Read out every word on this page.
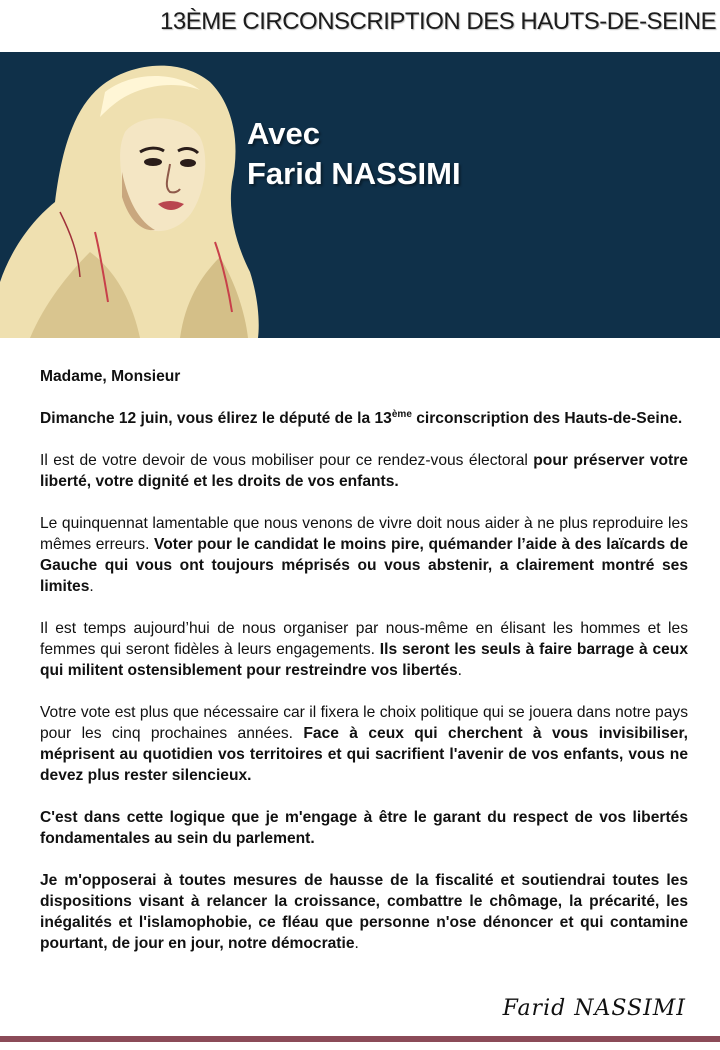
13ÈME CIRCONSCRIPTION DES HAUTS-DE-SEINE
Avec
Farid NASSIMI

Madame, Monsieur

Dimanche 12 juin, vous élirez le député de la 13ème circonscription des Hauts-de-Seine.

Il est de votre devoir de vous mobiliser pour ce rendez-vous électoral pour préserver votre liberté, votre dignité et les droits de vos enfants.

Le quinquennat lamentable que nous venons de vivre doit nous aider à ne plus reproduire les mêmes erreurs. Voter pour le candidat le moins pire, quémander l’aide à des laïcards de Gauche qui vous ont toujours méprisés ou vous abstenir, a clairement montré ses limites.

Il est temps aujourd’hui de nous organiser par nous-même en élisant les hommes et les femmes qui seront fidèles à leurs engagements. Ils seront les seuls à faire barrage à ceux qui militent ostensiblement pour restreindre vos libertés.

Votre vote est plus que nécessaire car il fixera le choix politique qui se jouera dans notre pays pour les cinq prochaines années. Face à ceux qui cherchent à vous invisibiliser, méprisent au quotidien vos territoires et qui sacrifient l'avenir de vos enfants, vous ne devez plus rester silencieux.

C'est dans cette logique que je m'engage à être le garant du respect de vos libertés fondamentales au sein du parlement.

Je m'opposerai à toutes mesures de hausse de la fiscalité et soutiendrai toutes les dispositions visant à relancer la croissance, combattre le chômage, la précarité, les inégalités et l'islamophobie, ce fléau que personne n'ose dénoncer et qui contamine pourtant, de jour en jour, notre démocratie.

Farid NASSIMI
